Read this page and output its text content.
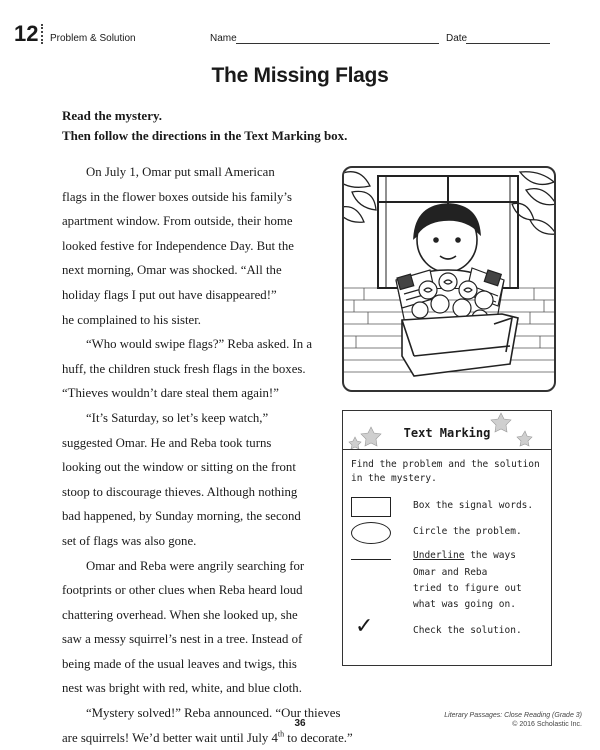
12 Problem & Solution	Name	Date
The Missing Flags
Read the mystery.
Then follow the directions in the Text Marking box.
On July 1, Omar put small American
flags in the flower boxes outside his family’s
apartment window. From outside, their home
looked festive for Independence Day. But the
next morning, Omar was shocked. “All the
holiday flags I put out have disappeared!”
he complained to his sister.
“Who would swipe flags?” Reba asked. In a
huff, the children stuck fresh flags in the boxes.
“Thieves wouldn’t dare steal them again!”
“It’s Saturday, so let’s keep watch,”
suggested Omar. He and Reba took turns
looking out the window or sitting on the front
stoop to discourage thieves. Although nothing
bad happened, by Sunday morning, the second
set of flags was also gone.
Omar and Reba were angrily searching for
footprints or other clues when Reba heard loud
chattering overhead. When she looked up, she
saw a messy squirrel’s nest in a tree. Instead of
being made of the usual leaves and twigs, this
nest was bright with red, white, and blue cloth.
“Mystery solved!” Reba announced. “Our thieves
are squirrels! We’d better wait until July 4th to decorate.”
Text Marking
Find the problem and the solution
in the mystery.
Box the signal words.
Circle the problem.
Underline the ways
Omar and Reba
tried to figure out
what was going on.
✓	Check the solution.
36
Literary Passages: Close Reading (Grade 3)
© 2016 Scholastic Inc.
